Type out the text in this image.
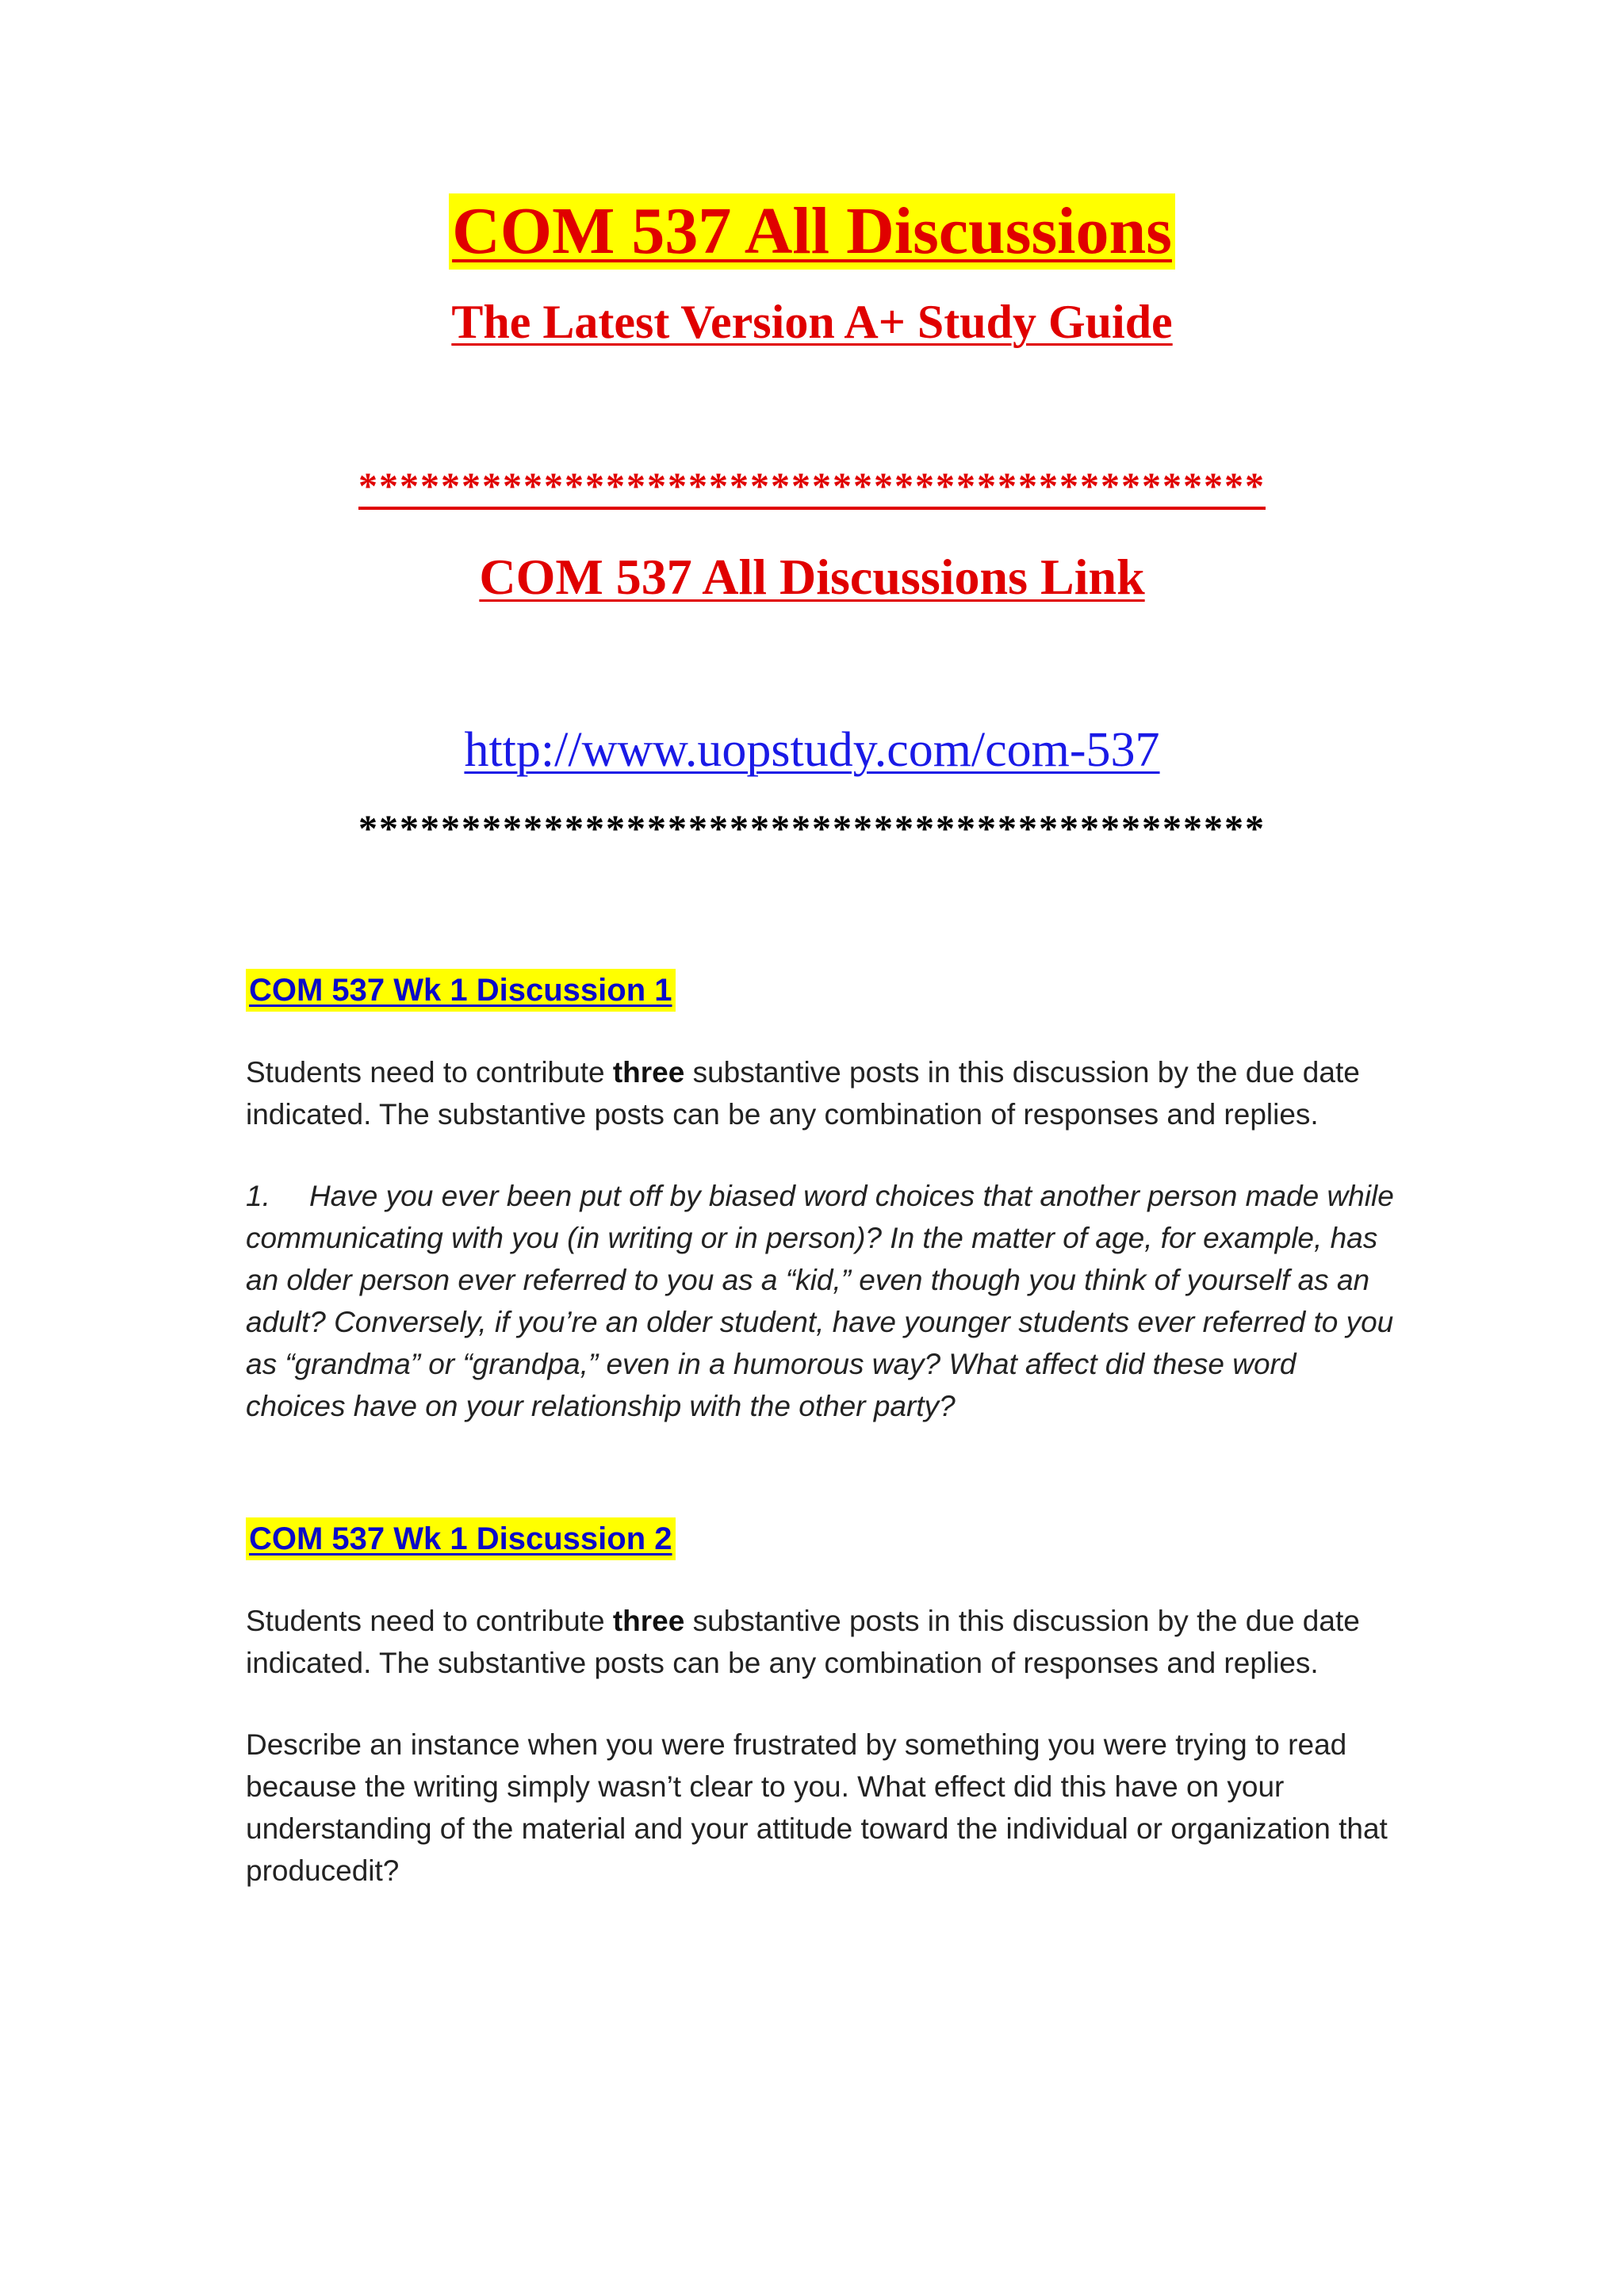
COM 537 All Discussions
The Latest Version A+ Study Guide
********************************************
COM 537 All Discussions Link
http://www.uopstudy.com/com-537
********************************************
COM 537 Wk 1 Discussion 1

Students need to contribute three substantive posts in this discussion by the due date indicated. The substantive posts can be any combination of responses and replies.

1. Have you ever been put off by biased word choices that another person made while communicating with you (in writing or in person)? In the matter of age, for example, has an older person ever referred to you as a “kid,” even though you think of yourself as an adult? Conversely, if you’re an older student, have younger students ever referred to you as “grandma” or “grandpa,” even in a humorous way? What affect did these word choices have on your relationship with the other party?

COM 537 Wk 1 Discussion 2

Students need to contribute three substantive posts in this discussion by the due date indicated. The substantive posts can be any combination of responses and replies.

Describe an instance when you were frustrated by something you were trying to read because the writing simply wasn’t clear to you. What effect did this have on your understanding of the material and your attitude toward the individual or organization that producedit?
